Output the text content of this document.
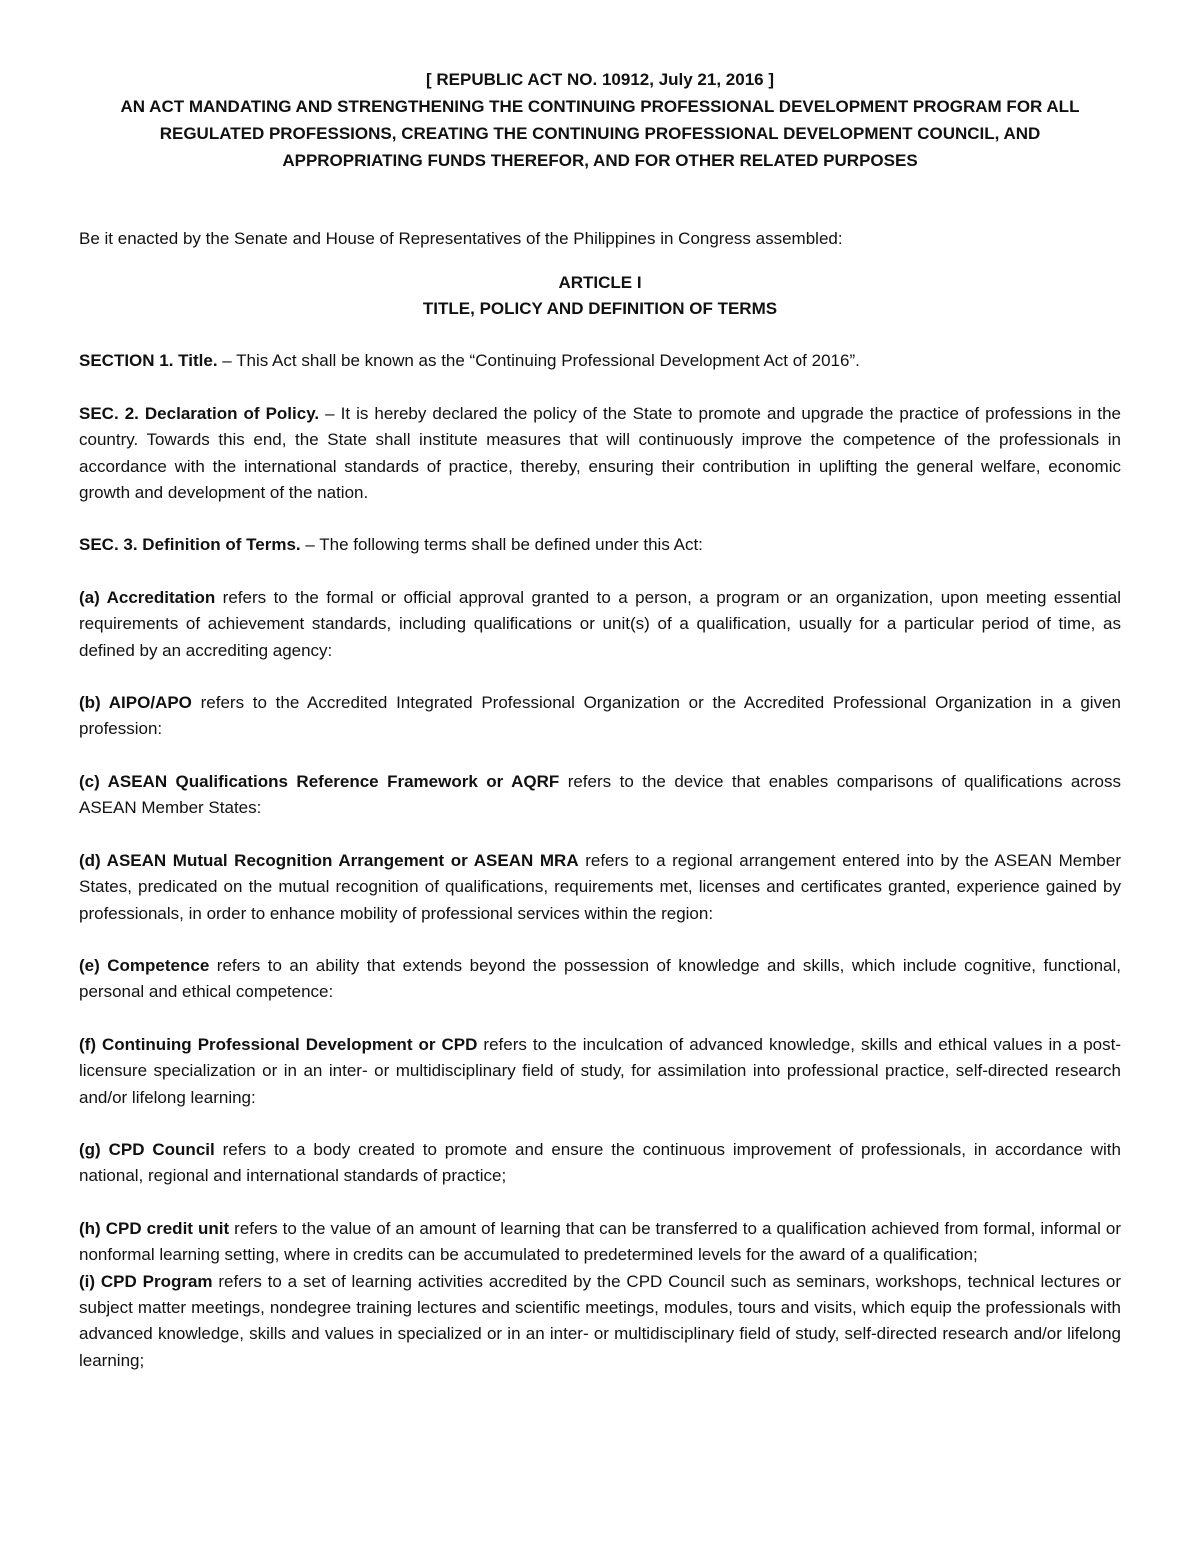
[ REPUBLIC ACT NO. 10912, July 21, 2016 ]

AN ACT MANDATING AND STRENGTHENING THE CONTINUING PROFESSIONAL DEVELOPMENT PROGRAM FOR ALL

REGULATED PROFESSIONS, CREATING THE CONTINUING PROFESSIONAL DEVELOPMENT COUNCIL, AND

APPROPRIATING FUNDS THEREFOR, AND FOR OTHER RELATED PURPOSES

Be it enacted by the Senate and House of Representatives of the Philippines in Congress assembled:

ARTICLE I

TITLE, POLICY AND DEFINITION OF TERMS

SECTION 1. Title. – This Act shall be known as the “Continuing Professional Development Act of 2016”.

SEC. 2. Declaration of Policy. – It is hereby declared the policy of the State to promote and upgrade the practice of professions in the country. Towards this end, the State shall institute measures that will continuously improve the competence of the professionals in accordance with the international standards of practice, thereby, ensuring their contribution in uplifting the general welfare, economic growth and development of the nation.

SEC. 3. Definition of Terms. – The following terms shall be defined under this Act:

(a) Accreditation refers to the formal or official approval granted to a person, a program or an organization, upon meeting essential requirements of achievement standards, including qualifications or unit(s) of a qualification, usually for a particular period of time, as defined by an accrediting agency:

(b) AIPO/APO refers to the Accredited Integrated Professional Organization or the Accredited Professional Organization in a given profession:

(c) ASEAN Qualifications Reference Framework or AQRF refers to the device that enables comparisons of qualifications across ASEAN Member States:

(d) ASEAN Mutual Recognition Arrangement or ASEAN MRA refers to a regional arrangement entered into by the ASEAN Member States, predicated on the mutual recognition of qualifications, requirements met, licenses and certificates granted, experience gained by professionals, in order to enhance mobility of professional services within the region:

(e) Competence refers to an ability that extends beyond the possession of knowledge and skills, which include cognitive, functional, personal and ethical competence:

(f) Continuing Professional Development or CPD refers to the inculcation of advanced knowledge, skills and ethical values in a post-licensure specialization or in an inter- or multidisciplinary field of study, for assimilation into professional practice, self-directed research and/or lifelong learning:

(g) CPD Council refers to a body created to promote and ensure the continuous improvement of professionals, in accordance with national, regional and international standards of practice;

(h) CPD credit unit refers to the value of an amount of learning that can be transferred to a qualification achieved from formal, informal or nonformal learning setting, where in credits can be accumulated to predetermined levels for the award of a qualification;

(i) CPD Program refers to a set of learning activities accredited by the CPD Council such as seminars, workshops, technical lectures or subject matter meetings, nondegree training lectures and scientific meetings, modules, tours and visits, which equip the professionals with advanced knowledge, skills and values in specialized or in an inter- or multidisciplinary field of study, self-directed research and/or lifelong learning;
